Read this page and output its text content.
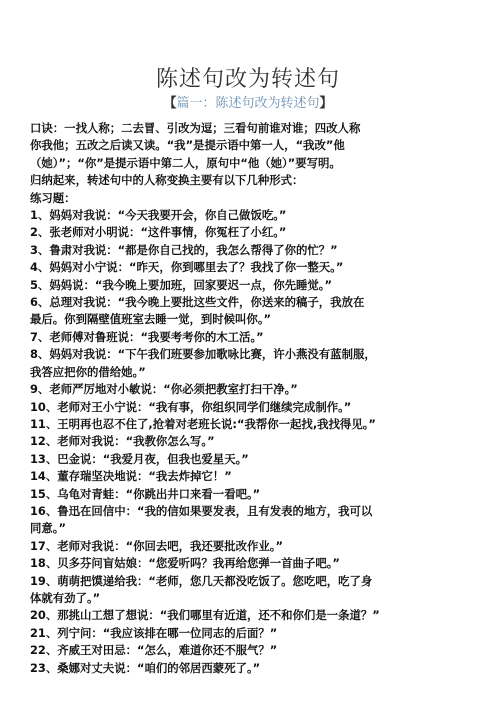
陈述句改为转述句
【篇一：陈述句改为转述句】

口诀：一找人称；二去冒、引改为逗；三看句前谁对谁；四改人称

你我他；五改之后读又读。“我”是提示语中第一人，“我改”他

（她）”；“你”是提示语中第二人，原句中“他（她）”要写明。

归纳起来，转述句中的人称变换主要有以下几种形式：

练习题：

1、妈妈对我说：“今天我要开会，你自己做饭吃。”

2、张老师对小明说：“这件事情，你冤枉了小红。”

3、鲁肃对我说：“都是你自己找的，我怎么帮得了你的忙？”

4、妈妈对小宁说：“昨天，你到哪里去了？我找了你一整天。”

5、妈妈说：“我今晚上要加班，回家要迟一点，你先睡觉。”

6、总理对我说：“我今晚上要批这些文件，你送来的稿子，我放在

最后。你到隔壁值班室去睡一觉，到时候叫你。”

7、老师傅对鲁班说：“我要考考你的木工活。”

8、妈妈对我说：“下午我们班要参加歌咏比赛，许小燕没有蓝制服，

我答应把你的借给她。”

9、老师严厉地对小敏说：“你必须把教室打扫干净。”

10、老师对王小宁说：“我有事，你组织同学们继续完成制作。”

11、王明再也忍不住了,抢着对老班长说:“我帮你一起找,我找得见。”

12、老师对我说：“我教你怎么写。”

13、巴金说：“我爱月夜，但我也爱星天。”

14、董存瑞坚决地说：“我去炸掉它！”

15、乌龟对青蛙：“你跳出井口来看一看吧。”

16、鲁迅在回信中：“我的信如果要发表，且有发表的地方，我可以

同意。”

17、老师对我说：“你回去吧，我还要批改作业。”

18、贝多芬问盲姑娘：“您爱听吗？我再给您弹一首曲子吧。”

19、萌萌把馍递给我：“老师，您几天都没吃饭了。您吃吧，吃了身

体就有劲了。”

20、那挑山工想了想说：“我们哪里有近道，还不和你们是一条道？”

21、列宁问：“我应该排在哪一位同志的后面？”

22、齐威王对田忌：“怎么，难道你还不服气？”

23、桑娜对丈夫说：“咱们的邻居西蒙死了。”
